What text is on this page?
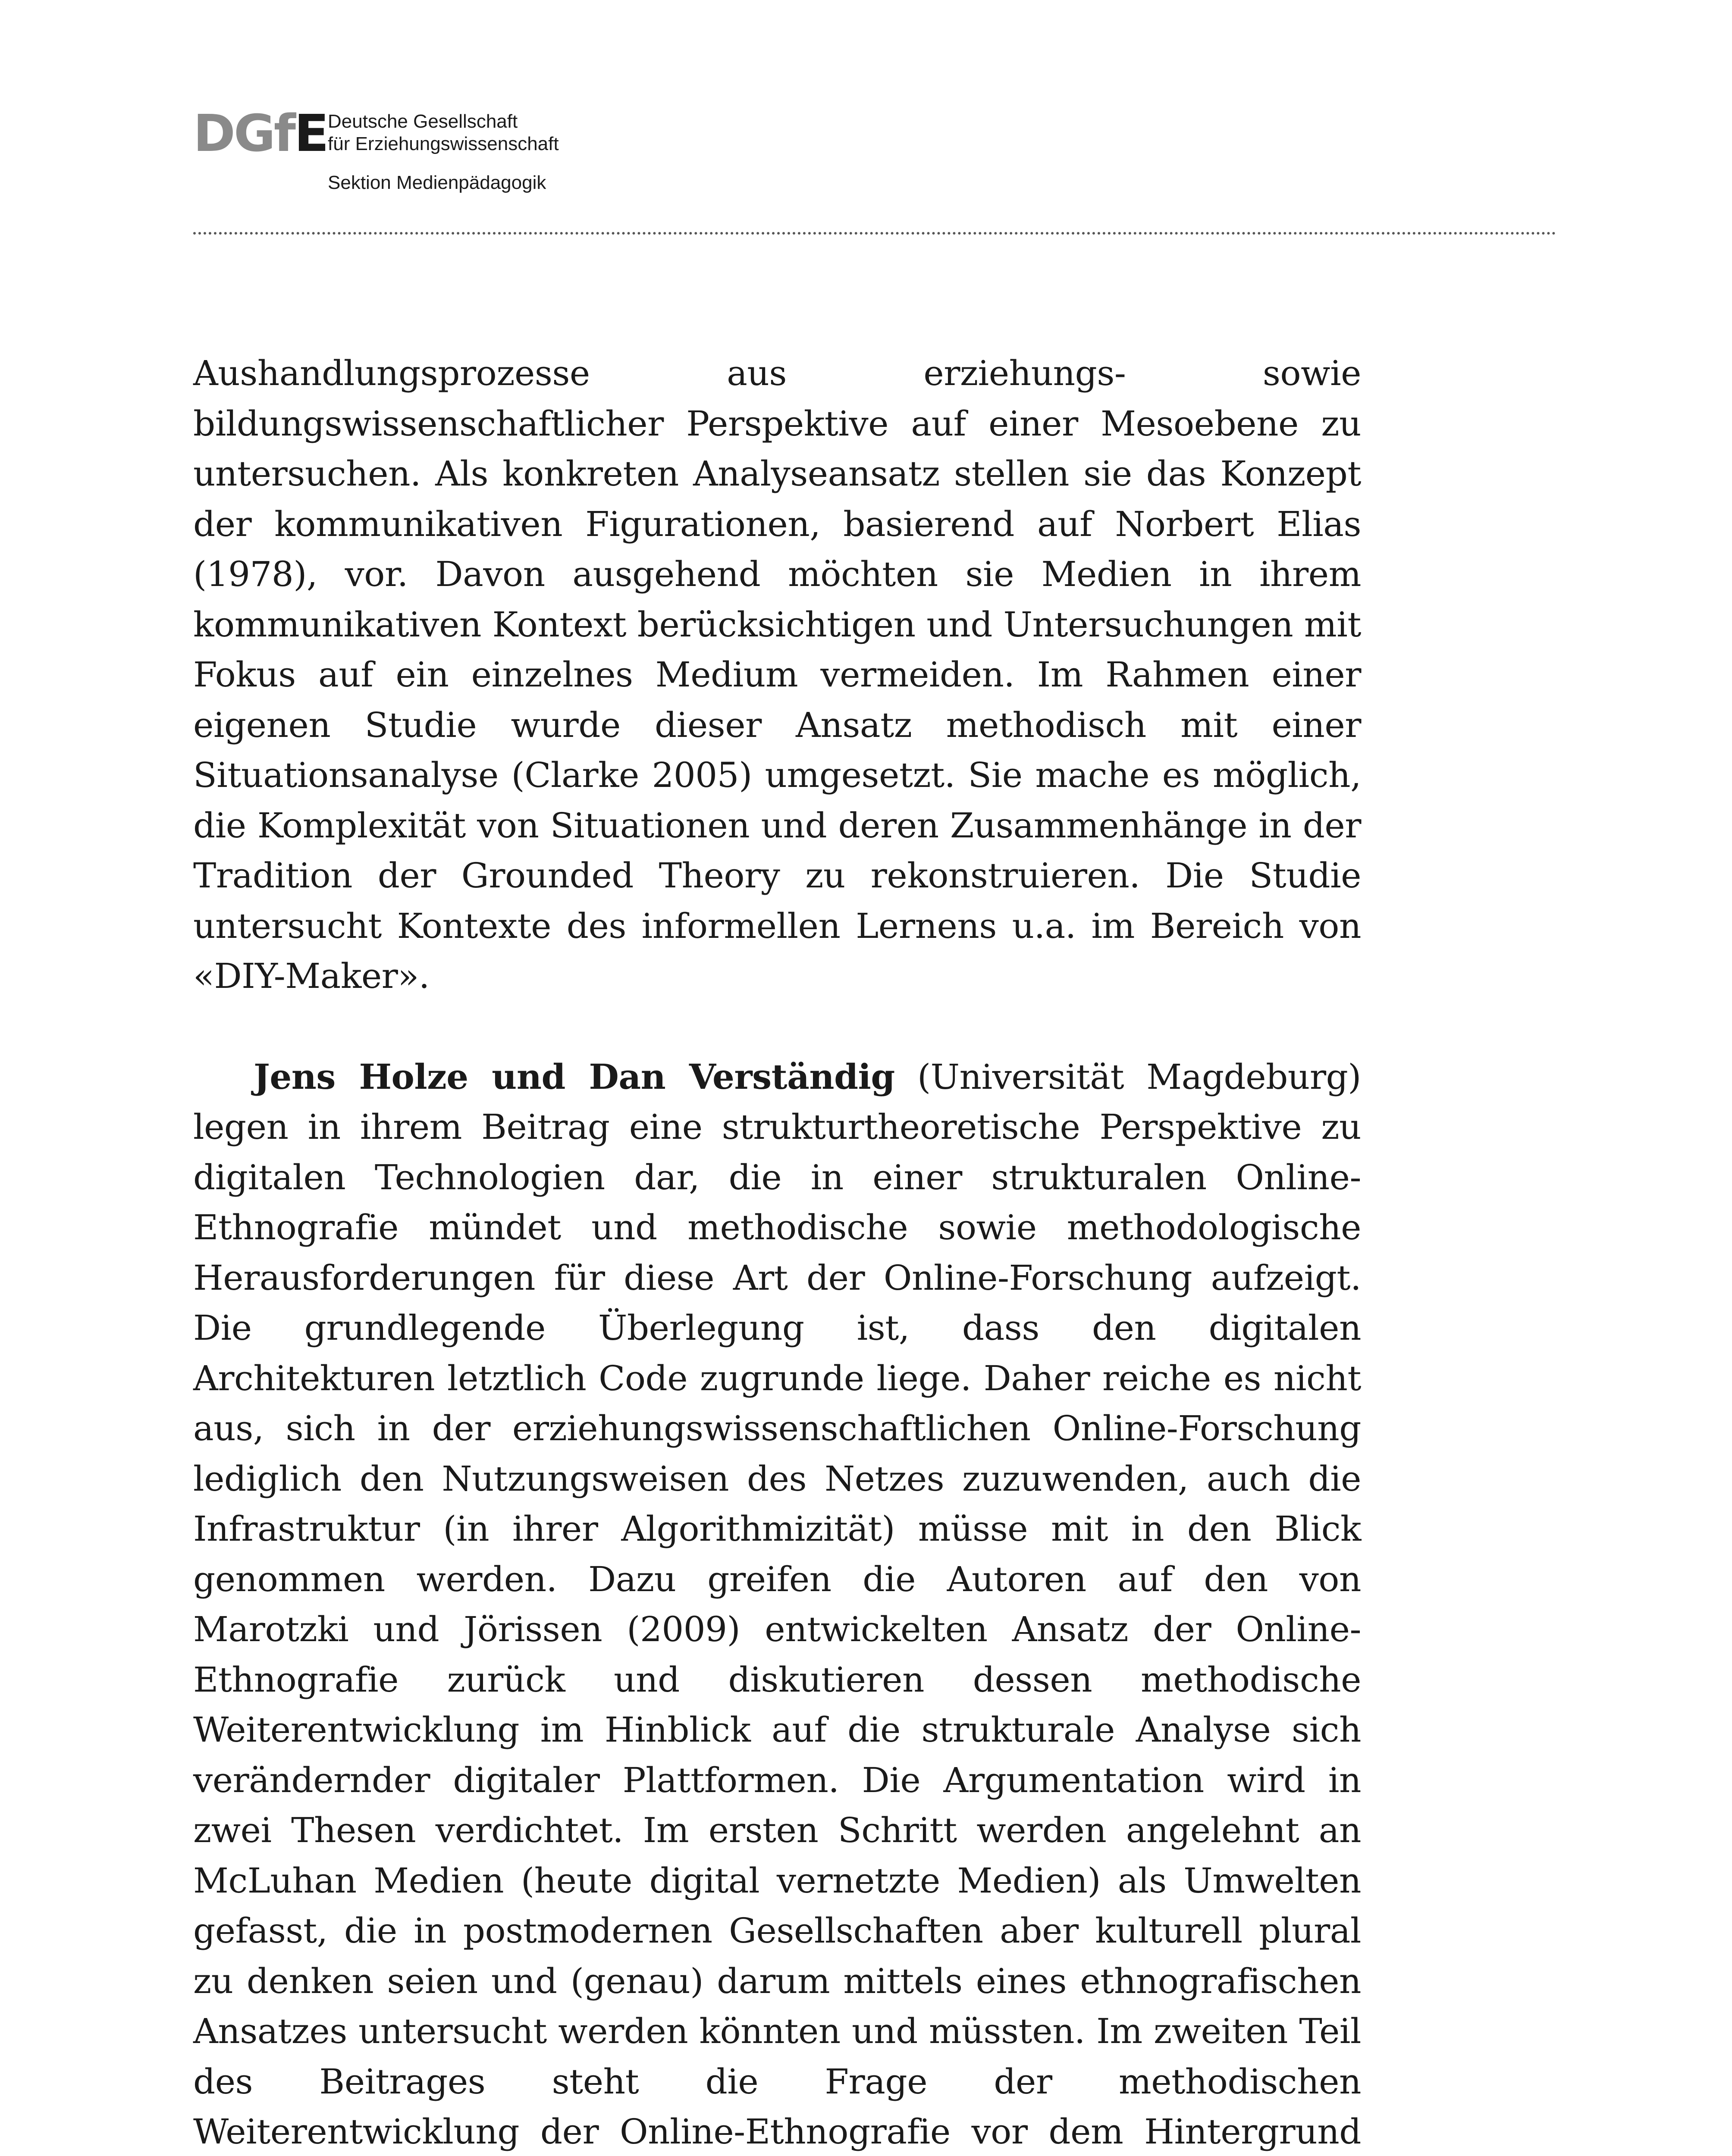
DGfE Deutsche Gesellschaft
für Erziehungswissenschaft
Sektion Medienpädagogik

Aushandlungsprozesse aus erziehungs- sowie bildungswissenschaftlicher Perspektive auf einer Mesoebene zu untersuchen. Als konkreten Analyseansatz stellen sie das Konzept der kommunikativen Figurationen, basierend auf Norbert Elias (1978), vor. Davon ausgehend möchten sie Medien in ihrem kommunikativen Kontext berücksichtigen und Untersuchungen mit Fokus auf ein einzelnes Medium vermeiden. Im Rahmen einer eigenen Studie wurde dieser Ansatz methodisch mit einer Situationsanalyse (Clarke 2005) umgesetzt. Sie mache es möglich, die Komplexität von Situationen und deren Zusammenhänge in der Tradition der Grounded Theory zu rekonstruieren. Die Studie untersucht Kontexte des informellen Lernens u.a. im Bereich von «DIY-Maker».

Jens Holze und Dan Verständig (Universität Magdeburg) legen in ihrem Beitrag eine strukturtheoretische Perspektive zu digitalen Technologien dar, die in einer strukturalen Online-Ethnografie mündet und methodische sowie methodologische Herausforderungen für diese Art der Online-Forschung aufzeigt. Die grundlegende Überlegung ist, dass den digitalen Architekturen letztlich Code zugrunde liege. Daher reiche es nicht aus, sich in der erziehungswissenschaftlichen Online-Forschung lediglich den Nutzungsweisen des Netzes zuzuwenden, auch die Infrastruktur (in ihrer Algorithmizität) müsse mit in den Blick genommen werden. Dazu greifen die Autoren auf den von Marotzki und Jörissen (2009) entwickelten Ansatz der Online-Ethnografie zurück und diskutieren dessen methodische Weiterentwicklung im Hinblick auf die strukturale Analyse sich verändernder digitaler Plattformen. Die Argumentation wird in zwei Thesen verdichtet. Im ersten Schritt werden angelehnt an McLuhan Medien (heute digital vernetzte Medien) als Umwelten gefasst, die in postmodernen Gesellschaften aber kulturell plural zu denken seien und (genau) darum mittels eines ethnografischen Ansatzes untersucht werden könnten und müssten. Im zweiten Teil des Beitrages steht die Frage der methodischen Weiterentwicklung der Online-Ethnografie vor dem Hintergrund
